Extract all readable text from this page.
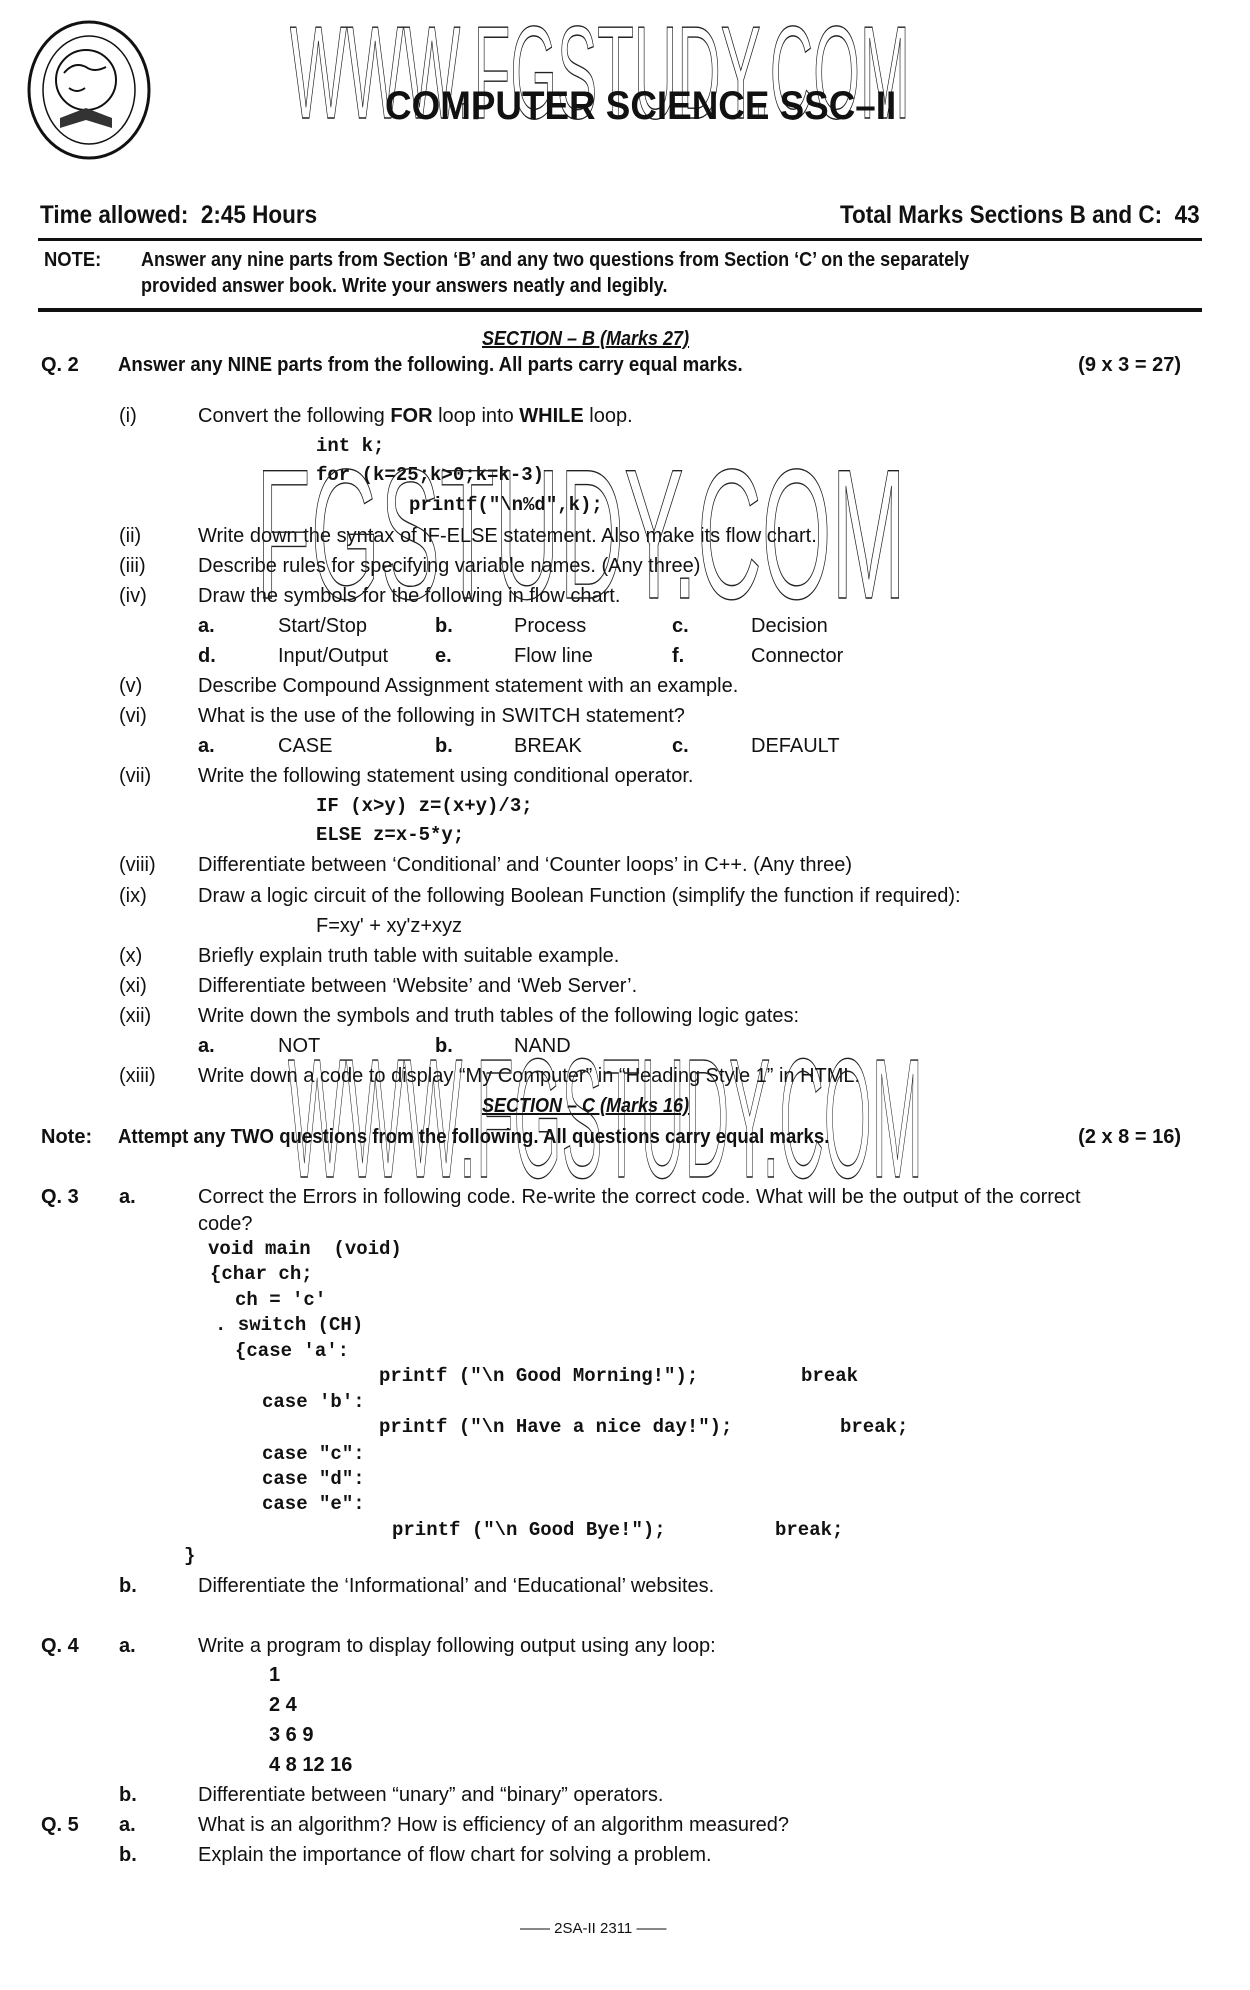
WWW.FGSTUDY.COM
COMPUTER SCIENCE SSC–II
Time allowed:  2:45 Hours	Total Marks Sections B and C:  43
NOTE: Answer any nine parts from Section ‘B’ and any two questions from Section ‘C’ on the separately
provided answer book. Write your answers neatly and legibly.
SECTION – B (Marks 27)
Q. 2 Answer any NINE parts from the following. All parts carry equal marks.	(9 x 3 = 27)
(i)	Convert the following FOR loop into WHILE loop.
int k;
for (k=25;k>0;k=k-3)
printf("\n%d",k);
(ii)	Write down the syntax of IF-ELSE statement. Also make its flow chart.
(iii)	Describe rules for specifying variable names. (Any three)
(iv)	Draw the symbols for the following in flow chart.
a.	Start/Stop	b.	Process	c.	Decision
d.	Input/Output e.	Flow line	f.	Connector
(v)	Describe Compound Assignment statement with an example.
(vi)	What is the use of the following in SWITCH statement?
a.	CASE	b.	BREAK	c.	DEFAULT
(vii) Write the following statement using conditional operator.
IF (x>y) z=(x+y)/3;
ELSE z=x-5*y;
(viii) Differentiate between ‘Conditional’ and ‘Counter loops’ in C++. (Any three)
(ix)	Draw a logic circuit of the following Boolean Function (simplify the function if required):
F=xy' + xy'z+xyz
(x)	Briefly explain truth table with suitable example.
(xi)	Differentiate between ‘Website’ and ‘Web Server’.
(xii) Write down the symbols and truth tables of the following logic gates:
a.	NOT	b.	NAND
(xiii) Write down a code to display “My Computer” in “Heading Style 1” in HTML.
SECTION – C (Marks 16)
Note: Attempt any TWO questions from the following. All questions carry equal marks.	(2 x 8 = 16)
Q. 3 a.	Correct the Errors in following code. Re-write the correct code. What will be the output of the correct
code?
void main  (void)
{char ch;
ch = 'c'
. switch (CH)
{case 'a':
printf ("\n Good Morning!");	break
case 'b':
printf ("\n Have a nice day!");	break;
case "c":
case "d":
case "e":
printf ("\n Good Bye!");	break;
}
b.	Differentiate the ‘Informational’ and ‘Educational’ websites.
Q. 4 a.	Write a program to display following output using any loop:
1
2 4
3 6 9
4 8 12 16
b.	Differentiate between “unary” and “binary” operators.
Q. 5 a.	What is an algorithm? How is efficiency of an algorithm measured?
b.	Explain the importance of flow chart for solving a problem.
—— 2SA-II 2311 ——
FGSTUDY.COM
WWW.FGSTUDY.COM
